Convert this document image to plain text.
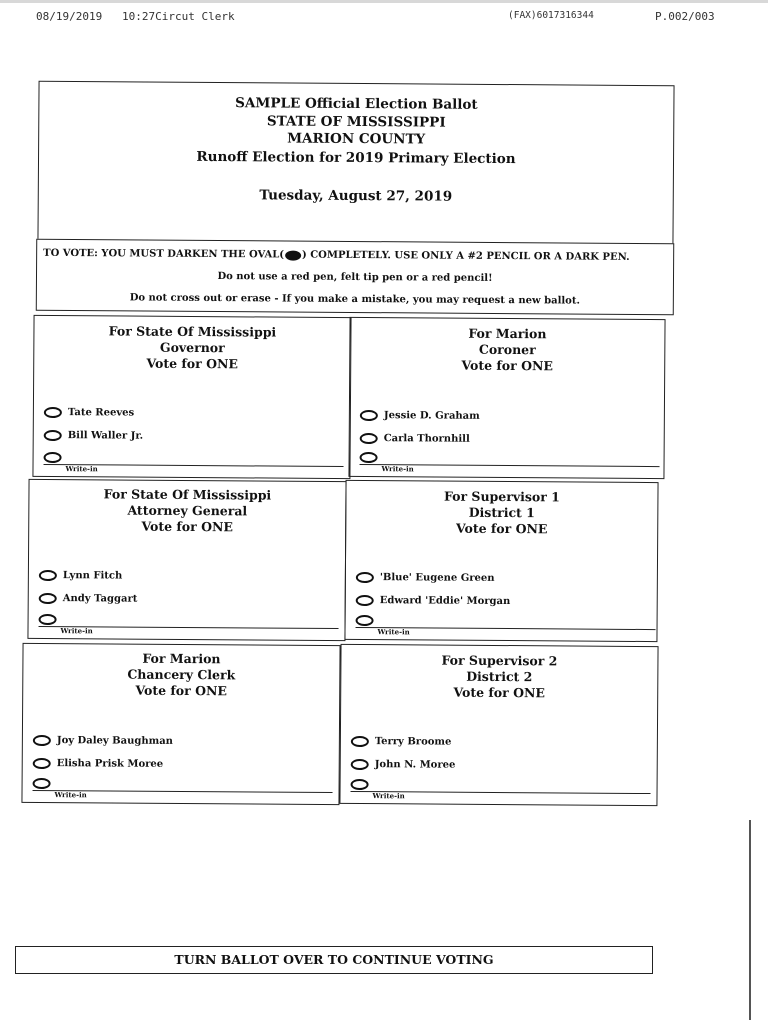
08/19/2019 10:27Circut Clerk	(FAX)6017316344	P.002/003
SAMPLE Official Election Ballot
STATE OF MISSISSIPPI
MARION COUNTY
Runoff Election for 2019 Primary Election
Tuesday, August 27, 2019
TO VOTE: YOU MUST DARKEN THE OVAL( ) COMPLETELY. USE ONLY A #2 PENCIL OR A DARK PEN.
Do not use a red pen, felt tip pen or a red pencil!
Do not cross out or erase - If you make a mistake, you may request a new ballot.
For State Of Mississippi
Governor
Vote for ONE
Tate Reeves
Bill Waller Jr.
Write-in
For Marion
Coroner
Vote for ONE
Jessie D. Graham
Carla Thornhill
Write-in
For State Of Mississippi
Attorney General
Vote for ONE
Lynn Fitch
Andy Taggart
Write-in
For Supervisor 1
District 1
Vote for ONE
'Blue' Eugene Green
Edward 'Eddie' Morgan
Write-in
For Marion
Chancery Clerk
Vote for ONE
Joy Daley Baughman
Elisha Prisk Moree
Write-in
For Supervisor 2
District 2
Vote for ONE
Terry Broome
John N. Moree
Write-in
TURN BALLOT OVER TO CONTINUE VOTING
